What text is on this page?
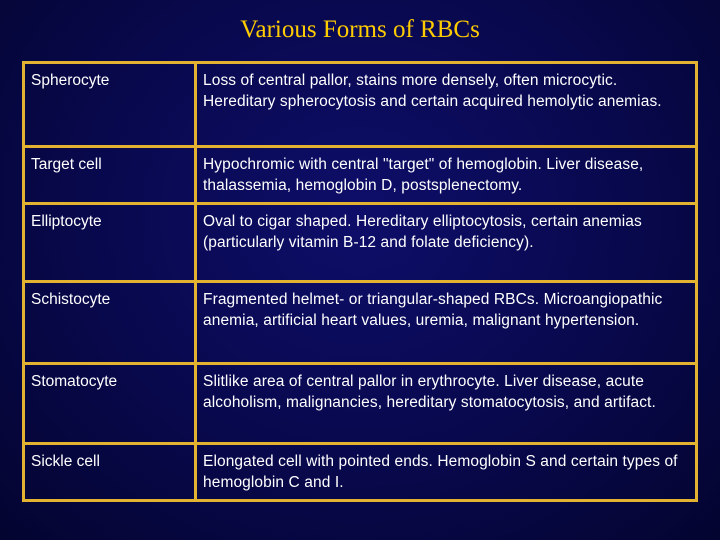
Various Forms of RBCs
Spherocyte	Loss of central pallor, stains more densely, often microcytic. Hereditary spherocytosis and certain acquired hemolytic anemias.
Target cell	Hypochromic with central "target" of hemoglobin. Liver disease, thalassemia, hemoglobin D, postsplenectomy.
Elliptocyte	Oval to cigar shaped. Hereditary elliptocytosis, certain anemias (particularly vitamin B-12 and folate deficiency).
Schistocyte	Fragmented helmet- or triangular-shaped RBCs. Microangiopathic anemia, artificial heart values, uremia, malignant hypertension.
Stomatocyte	Slitlike area of central pallor in erythrocyte. Liver disease, acute alcoholism, malignancies, hereditary stomatocytosis, and artifact.
Sickle cell	Elongated cell with pointed ends. Hemoglobin S and certain types of hemoglobin C and I.
